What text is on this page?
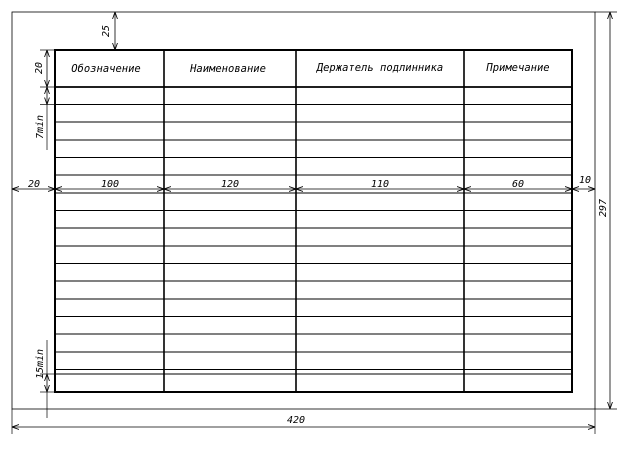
Обозначение	Наименование	Держатель подлинника	Примечание
25
20
7min
15min
20	100	120	110	60	10
420
297
